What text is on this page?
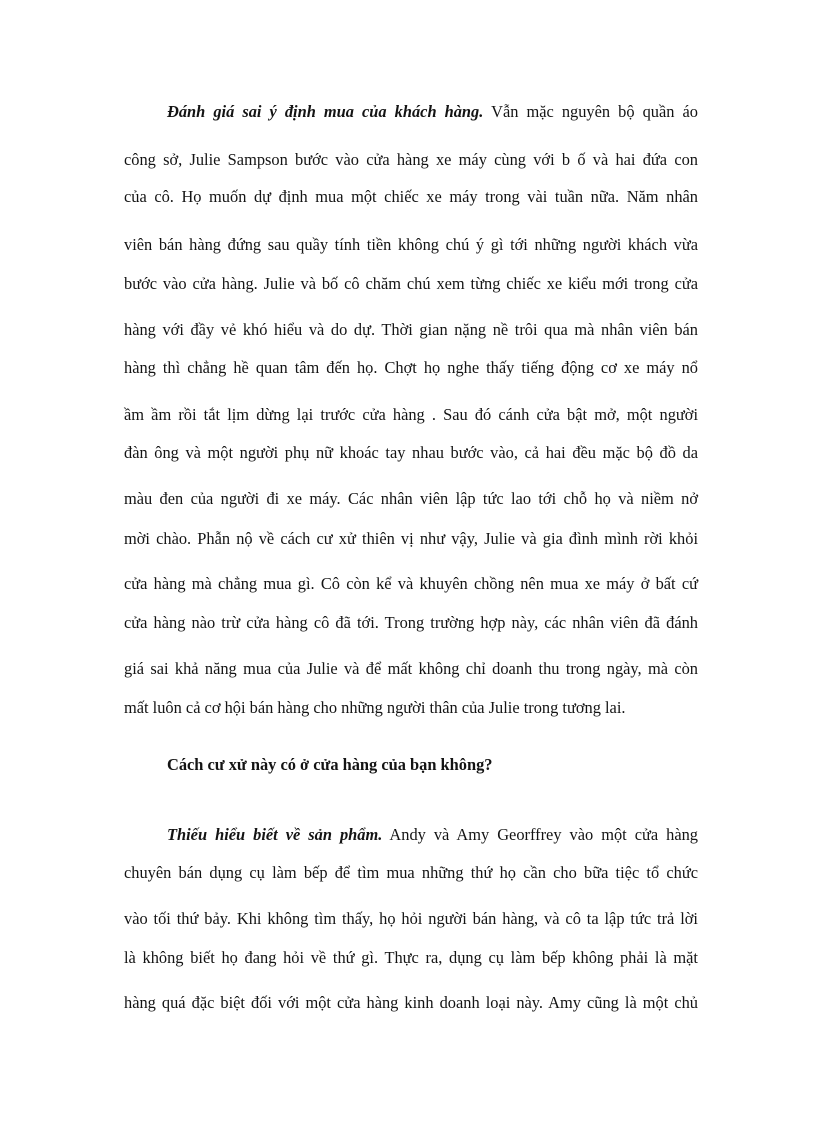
Đánh giá sai ý định mua của khách hàng. Vẫn mặc nguyên bộ quần áo
công sở, Julie Sampson bước vào cửa hàng xe máy cùng với b ố và hai đứa con
của cô. Họ muốn dự định mua một chiếc xe máy trong vài tuần nữa. Năm nhân
viên bán hàng đứng sau quầy tính tiền không chú ý gì tới những người khách vừa
bước vào cửa hàng. Julie và bố cô chăm chú xem từng chiếc xe kiểu mới trong cửa
hàng với đầy vẻ khó hiểu và do dự. Thời gian nặng nề trôi qua mà nhân viên bán
hàng thì chẳng hề quan tâm đến họ. Chợt họ nghe thấy tiếng động cơ xe máy nổ
ầm ầm rồi tắt lịm dừng lại trước cửa hàng . Sau đó cánh cửa bật mở, một người
đàn ông và một người phụ nữ khoác tay nhau bước vào, cả hai đều mặc bộ đồ da
màu đen của người đi xe máy. Các nhân viên lập tức lao tới chỗ họ và niềm nở
mời chào. Phẫn nộ về cách cư xử thiên vị như vậy, Julie và gia đình mình rời khỏi
cửa hàng mà chẳng mua gì. Cô còn kể và khuyên chồng nên mua xe máy ở bất cứ
cửa hàng nào trừ cửa hàng cô đã tới. Trong trường hợp này, các nhân viên đã đánh
giá sai khả năng mua của Julie và để mất không chỉ doanh thu trong ngày, mà còn
mất luôn cả cơ hội bán hàng cho những người thân của Julie trong tương lai.
Cách cư xử này có ở cửa hàng của bạn không?
Thiếu hiểu biết về sản phẩm. Andy và Amy Georffrey vào một cửa hàng
chuyên bán dụng cụ làm bếp để tìm mua những thứ họ cần cho bữa tiệc tổ chức
vào tối thứ bảy. Khi không tìm thấy, họ hỏi người bán hàng, và cô ta lập tức trả lời
là không biết họ đang hỏi về thứ gì. Thực ra, dụng cụ làm bếp không phải là mặt
hàng quá đặc biệt đối với một cửa hàng kinh doanh loại này. Amy cũng là một chủ
